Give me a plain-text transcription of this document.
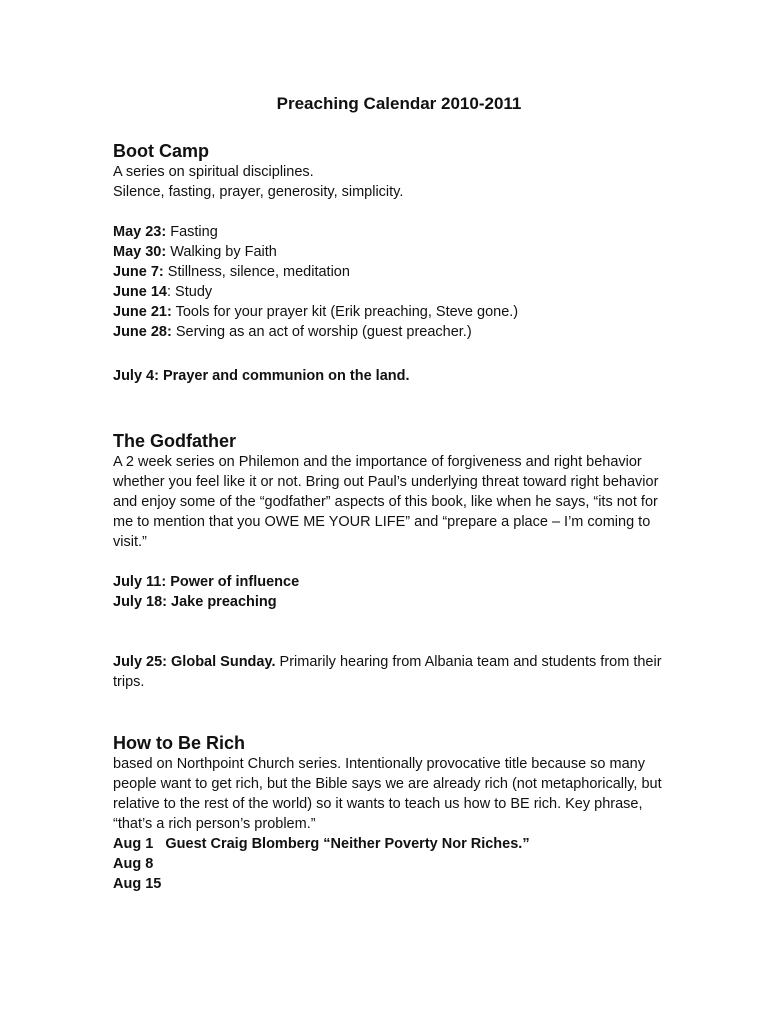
Preaching Calendar 2010-2011
Boot Camp
A series on spiritual disciplines.
Silence, fasting, prayer, generosity, simplicity.
May 23: Fasting
May 30: Walking by Faith
June 7: Stillness, silence, meditation
June 14: Study
June 21: Tools for your prayer kit (Erik preaching, Steve gone.)
June 28: Serving as an act of worship (guest preacher.)
July 4: Prayer and communion on the land.
The Godfather
A 2 week series on Philemon and the importance of forgiveness and right behavior whether you feel like it or not. Bring out Paul’s underlying threat toward right behavior and enjoy some of the “godfather” aspects of this book, like when he says, “its not for me to mention that you OWE ME YOUR LIFE” and “prepare a place – I’m coming to visit.”
July 11: Power of influence
July 18: Jake preaching
July 25: Global Sunday. Primarily hearing from Albania team and students from their trips.
How to Be Rich
based on Northpoint Church series. Intentionally provocative title because so many people want to get rich, but the Bible says we are already rich (not metaphorically, but relative to the rest of the world) so it wants to teach us how to BE rich. Key phrase, “that’s a rich person’s problem.”
Aug 1   Guest Craig Blomberg “Neither Poverty Nor Riches.”
Aug 8
Aug 15
